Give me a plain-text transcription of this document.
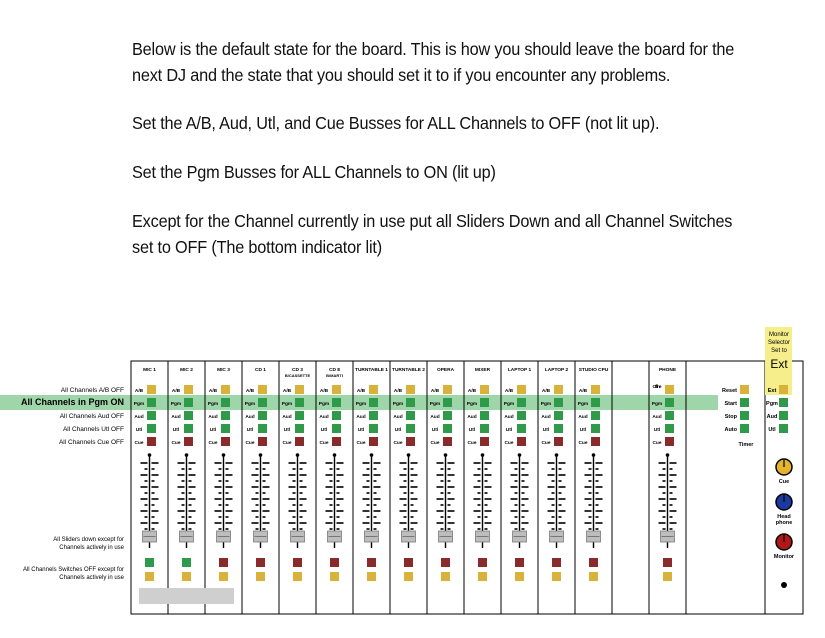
Below is the default state for the board. This is how you should leave the board for the next DJ and the state that you should set it to if you encounter any problems.

Set the A/B, Aud, Utl, and Cue Busses for ALL Channels to OFF (not lit up).

Set the Pgm Busses for ALL Channels to ON (lit up)

Except for the Channel currently in use put all Sliders Down and all Channel Switches set to OFF (The bottom indicator lit)

All Channels A/B OFF
All Channels in Pgm ON
All Channels Aud OFF
All Channels Utl OFF
All Channels Cue OFF
All Sliders down except for
Channels actively in use
All Channels Switches OFF except for
Channels actively in use
MIC 1
A/B
Pgm
Aud
Utl
Cue
MIC 2
A/B
Pgm
Aud
Utl
Cue
MIC 3
A/B
Pgm
Aud
Utl
Cue
CD 1
A/B
Pgm
Aud
Utl
Cue
CD 3
B/CASSETTE
A/B
Pgm
Aud
Utl
Cue
CD 8
B/MARTI
A/B
Pgm
Aud
Utl
Cue
TURNTABLE 1
A/B
Pgm
Aud
Utl
Cue
TURNTABLE 2
A/B
Pgm
Aud
Utl
Cue
OPERA
A/B
Pgm
Aud
Utl
Cue
MIXER
A/B
Pgm
Aud
Utl
Cue
LAPTOP 1
A/B
Pgm
Aud
Utl
Cue
LAPTOP 2
A/B
Pgm
Aud
Utl
Cue
STUDIO CPU
A/B
Pgm
Aud
Utl
Cue
PHONE
Off line
Pgm
Aud
Utl
Cue
Reset
Start
Stop
Auto
Timer
Monitor
Selector
Set to
Ext
Ext
Pgm
Aud
Utl
Cue
Head
phone
Monitor
